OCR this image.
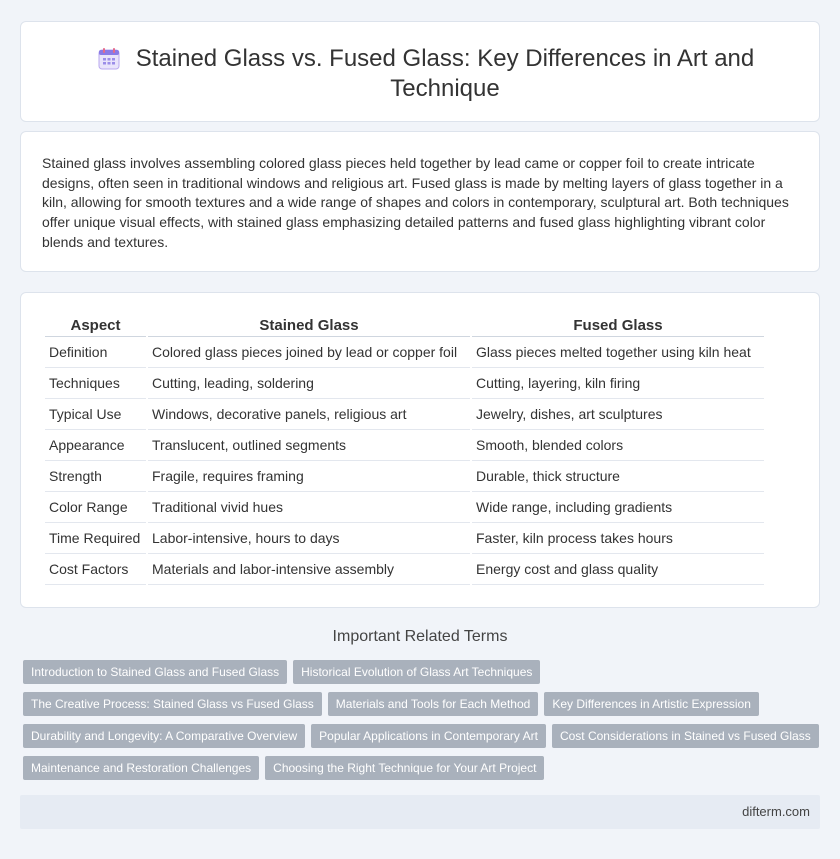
Stained Glass vs. Fused Glass: Key Differences in Art and Technique

Stained glass involves assembling colored glass pieces held together by lead came or copper foil to create intricate designs, often seen in traditional windows and religious art. Fused glass is made by melting layers of glass together in a kiln, allowing for smooth textures and a wide range of shapes and colors in contemporary, sculptural art. Both techniques offer unique visual effects, with stained glass emphasizing detailed patterns and fused glass highlighting vibrant color blends and textures.

Aspect	Stained Glass	Fused Glass
Definition	Colored glass pieces joined by lead or copper foil	Glass pieces melted together using kiln heat
Techniques	Cutting, leading, soldering	Cutting, layering, kiln firing
Typical Use	Windows, decorative panels, religious art	Jewelry, dishes, art sculptures
Appearance	Translucent, outlined segments	Smooth, blended colors
Strength	Fragile, requires framing	Durable, thick structure
Color Range	Traditional vivid hues	Wide range, including gradients
Time Required	Labor-intensive, hours to days	Faster, kiln process takes hours
Cost Factors	Materials and labor-intensive assembly	Energy cost and glass quality
Important Related Terms
Introduction to Stained Glass and Fused Glass	Historical Evolution of Glass Art Techniques
The Creative Process: Stained Glass vs Fused Glass	Materials and Tools for Each Method	Key Differences in Artistic Expression
Durability and Longevity: A Comparative Overview	Popular Applications in Contemporary Art	Cost Considerations in Stained vs Fused Glass
Maintenance and Restoration Challenges	Choosing the Right Technique for Your Art Project
difterm.com
